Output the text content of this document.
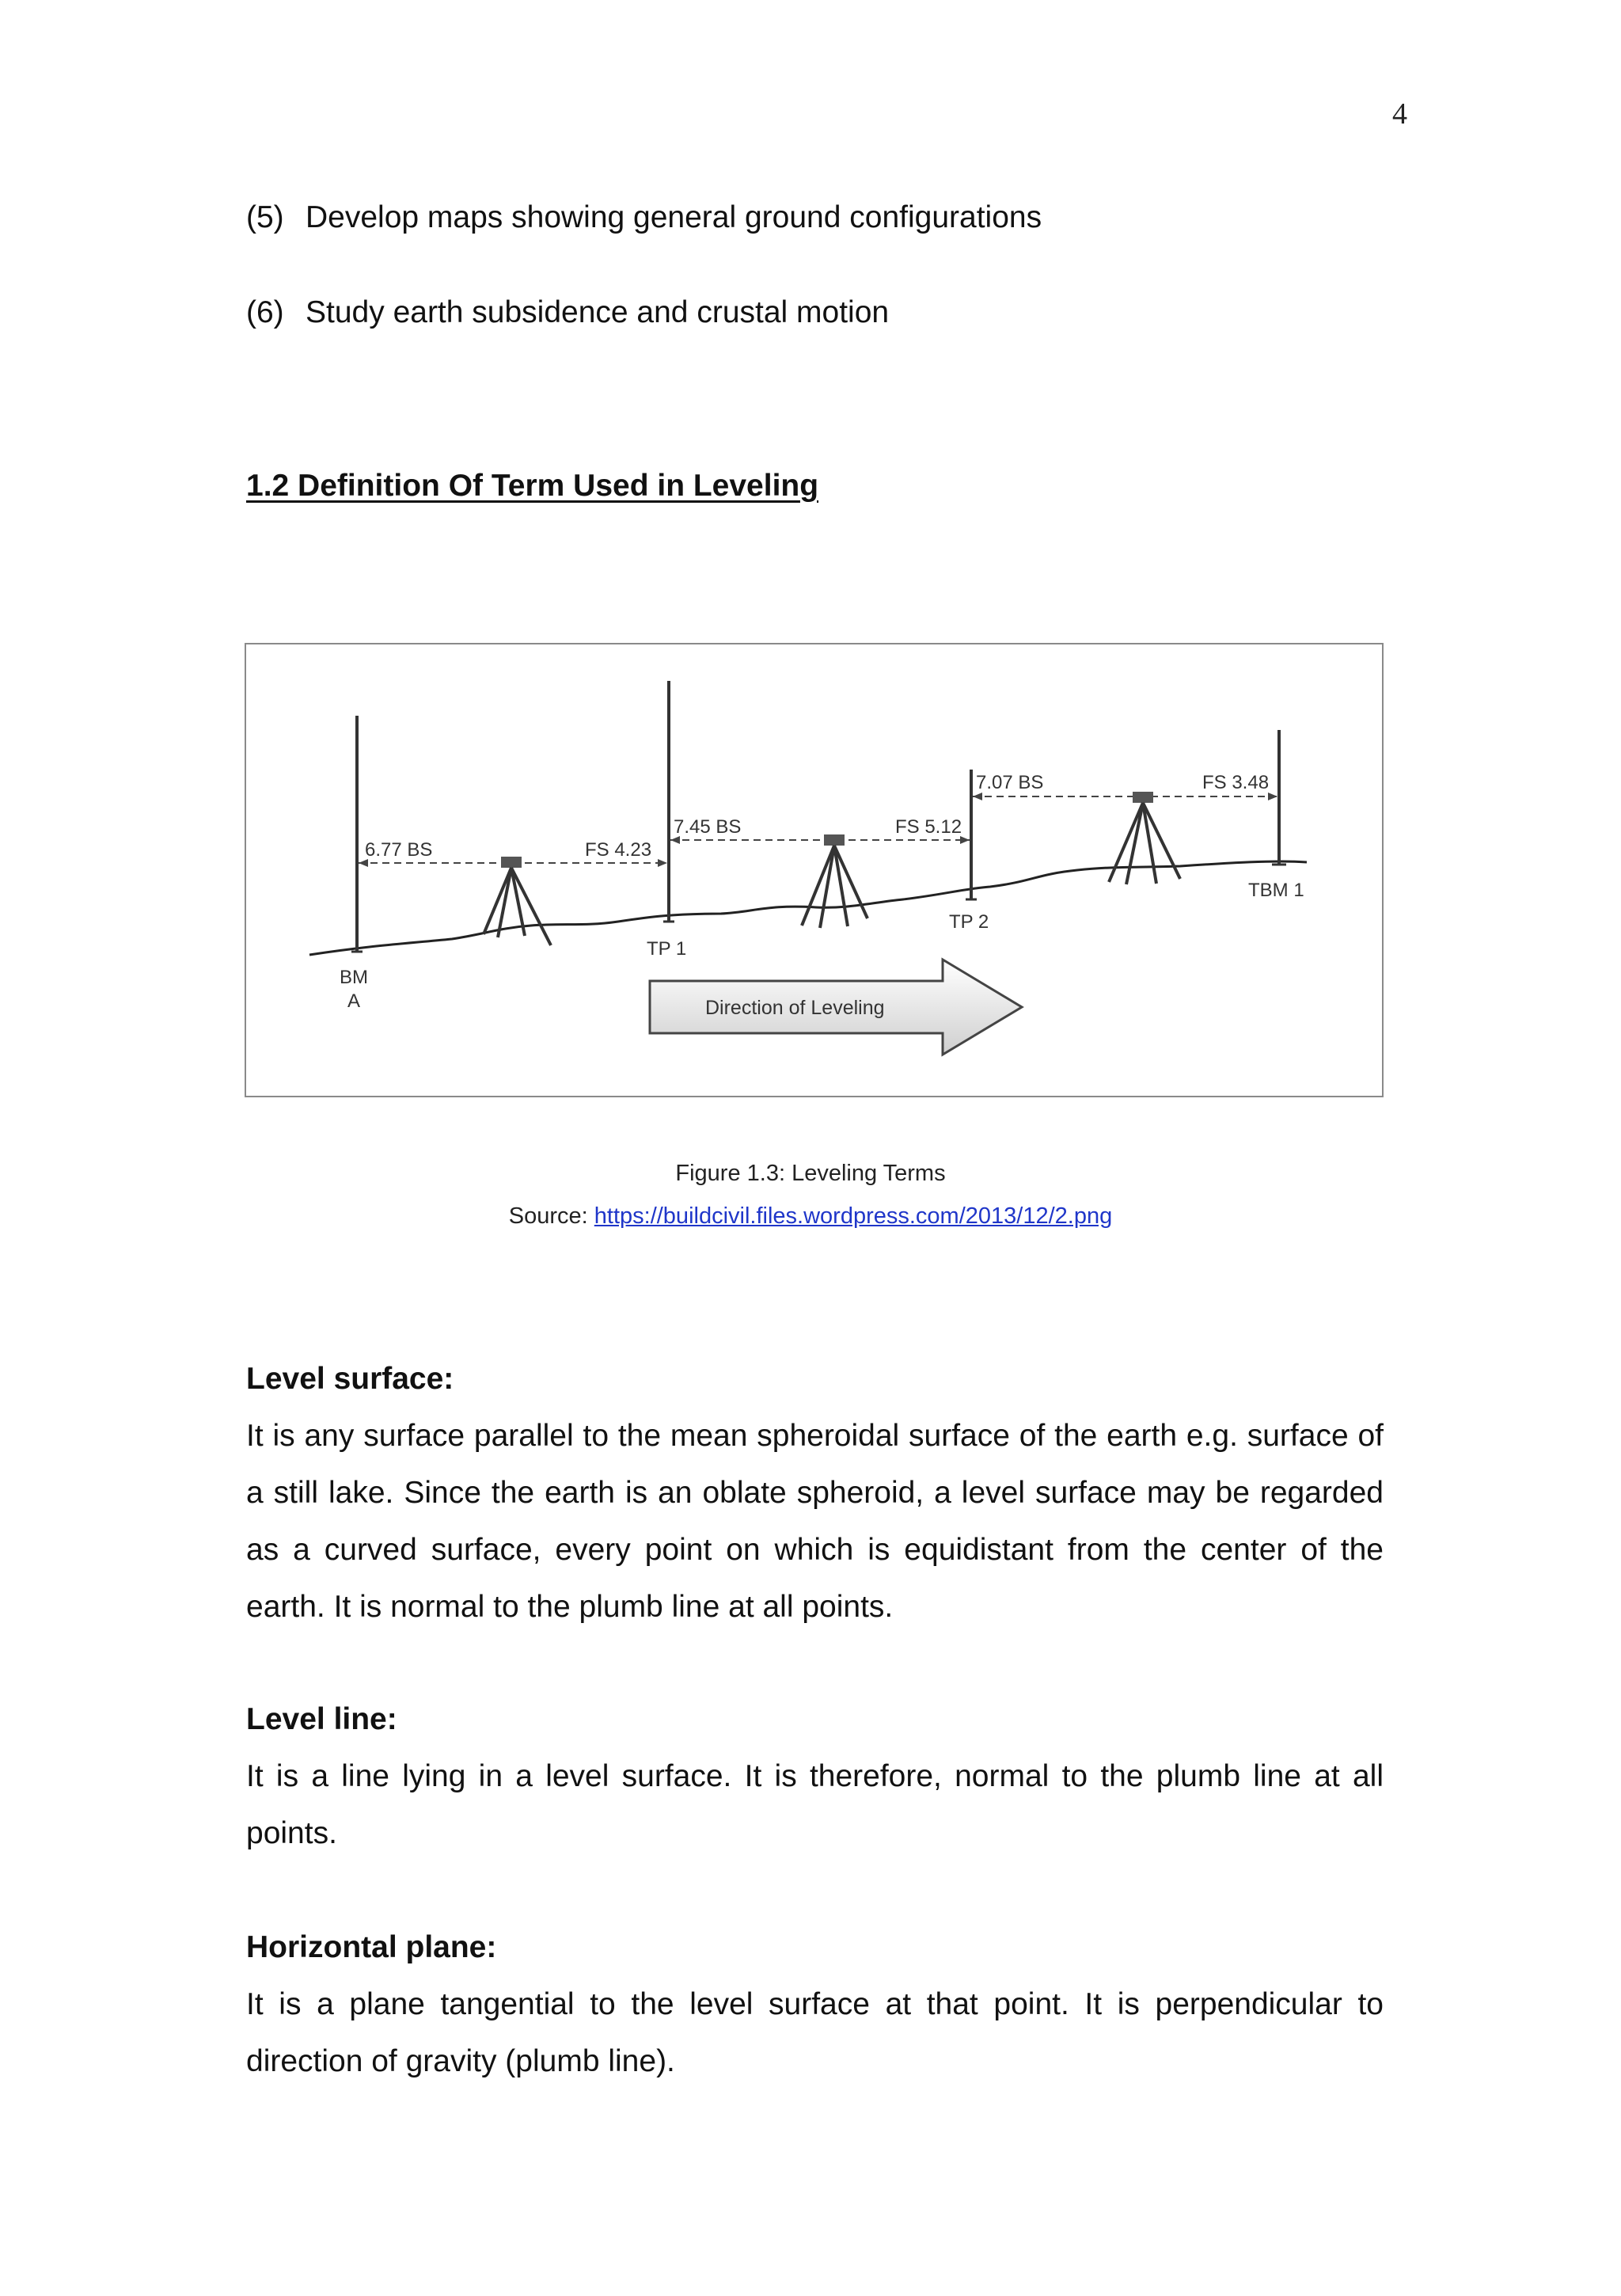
4
(5) Develop maps showing general ground configurations
(6) Study earth subsidence and crustal motion
1.2 Definition Of Term Used in Leveling
6.77 BS	FS 4.23
7.45 BS	FS 5.12
7.07 BS	FS 3.48
TP 1
TP 2
TBM 1
BM
A	Direction of Leveling
Figure 1.3: Leveling Terms
Source: https://buildcivil.files.wordpress.com/2013/12/2.png
Level surface:

It is any surface parallel to the mean spheroidal surface of the earth e.g. surface of a still lake. Since the earth is an oblate spheroid, a level surface may be regarded as a curved surface, every point on which is equidistant from the center of the earth. It is normal to the plumb line at all points.

Level line:

It is a line lying in a level surface. It is therefore, normal to the plumb line at all points.

Horizontal plane:

It is a plane tangential to the level surface at that point. It is perpendicular to direction of gravity (plumb line).
